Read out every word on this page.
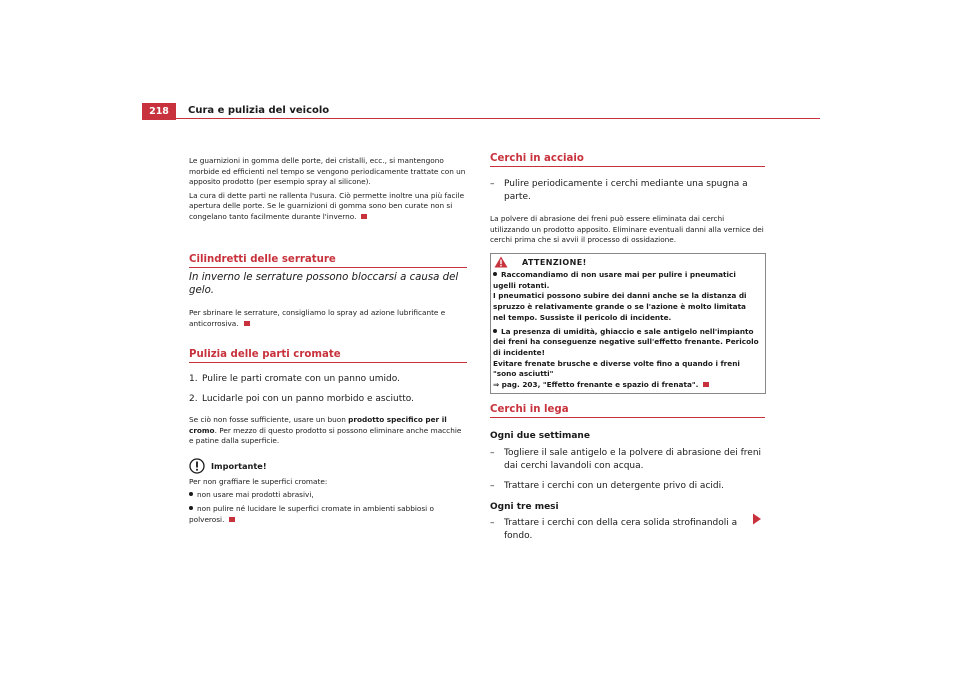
218	Cura e pulizia del veicolo

Le guarnizioni in gomma delle porte, dei cristalli, ecc., si mantengono morbide ed efficienti nel tempo se vengono periodicamente trattate con un apposito prodotto (per esempio spray al silicone).

La cura di dette parti ne rallenta l'usura. Ciò permette inoltre una più facile apertura delle porte. Se le guarnizioni di gomma sono ben curate non si congelano tanto facilmente durante l'inverno.

Cilindretti delle serrature
In inverno le serrature possono bloccarsi a causa del gelo.

Per sbrinare le serrature, consigliamo lo spray ad azione lubrificante e anticorrosiva.

Pulizia delle parti cromate
1. Pulire le parti cromate con un panno umido.
2. Lucidarle poi con un panno morbido e asciutto.

Se ciò non fosse sufficiente, usare un buon prodotto specifico per il cromo. Per mezzo di questo prodotto si possono eliminare anche macchie e patine dalla superficie.

Importante!

Per non graffiare le superfici cromate:

non usare mai prodotti abrasivi,

non pulire né lucidare le superfici cromate in ambienti sabbiosi o polverosi.

Cerchi in acciaio
–	Pulire periodicamente i cerchi mediante una spugna a parte.

La polvere di abrasione dei freni può essere eliminata dai cerchi utilizzando un prodotto apposito. Eliminare eventuali danni alla vernice dei cerchi prima che si avvii il processo di ossidazione.

ATTENZIONE!

Raccomandiamo di non usare mai per pulire i pneumatici ugelli rotanti.

I pneumatici possono subire dei danni anche se la distanza di spruzzo è relativamente grande o se l'azione è molto limitata nel tempo. Sussiste il pericolo di incidente.

La presenza di umidità, ghiaccio e sale antigelo nell'impianto dei freni ha conseguenze negative sull'effetto frenante. Pericolo di incidente!

Evitare frenate brusche e diverse volte fino a quando i freni "sono asciutti"

⇒ pag. 203, "Effetto frenante e spazio di frenata".

Cerchi in lega
Ogni due settimane
–	Togliere il sale antigelo e la polvere di abrasione dei freni dai cerchi lavandoli con acqua.
–	Trattare i cerchi con un detergente privo di acidi.
Ogni tre mesi
–	Trattare i cerchi con della cera solida strofinandoli a fondo.
